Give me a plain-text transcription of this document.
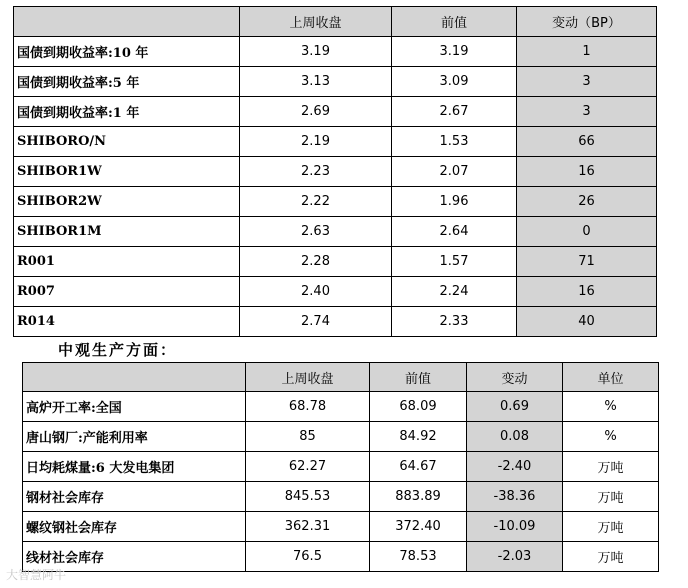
	上周收盘	前值	变动（BP）
国债到期收益率:10 年	3.19	3.19	1
国债到期收益率:5 年	3.13	3.09	3
国债到期收益率:1 年	2.69	2.67	3
SHIBORO/N	2.19	1.53	66
SHIBOR1W	2.23	2.07	16
SHIBOR2W	2.22	1.96	26
SHIBOR1M	2.63	2.64	0
R001	2.28	1.57	71
R007	2.40	2.24	16
R014	2.74	2.33	40
中观生产方面：
	上周收盘	前值	变动	单位
高炉开工率:全国	68.78	68.09	0.69	%
唐山钢厂:产能利用率	85	84.92	0.08	%
日均耗煤量:6 大发电集团	62.27	64.67	-2.40	万吨
钢材社会库存	845.53	883.89	-38.36	万吨
螺纹钢社会库存	362.31	372.40	-10.09	万吨
线材社会库存	76.5	78.53	-2.03	万吨
大智慧阿牛
